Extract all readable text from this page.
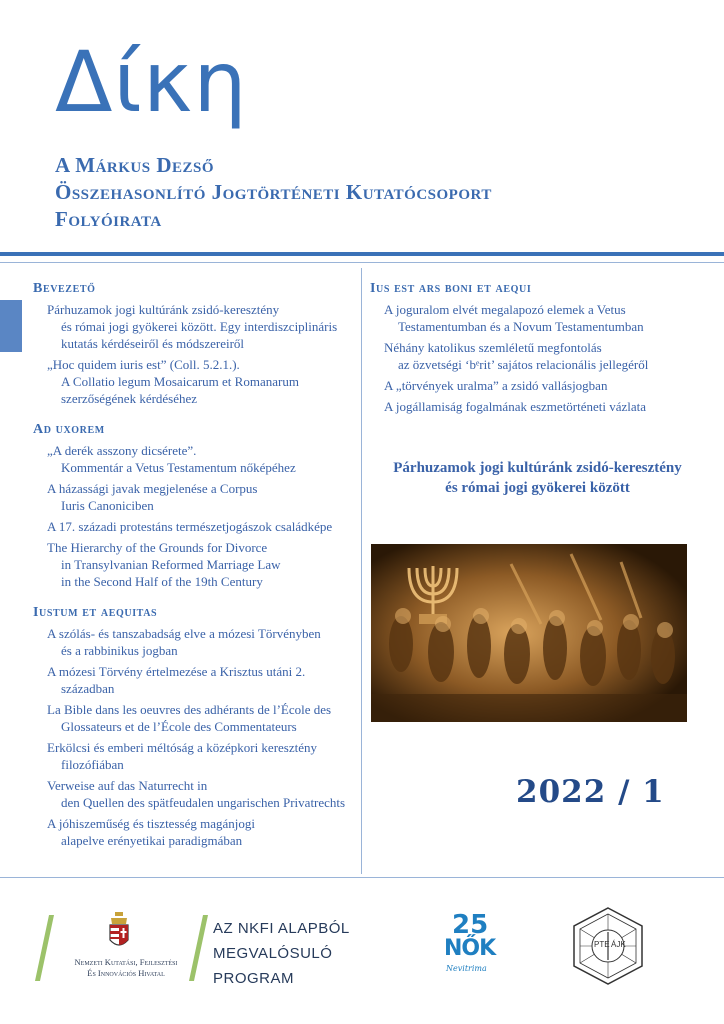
Δίκη
A Márkus Dezső
Összehasonlító Jogtörténeti Kutatócsoport
Folyóirata
Bevezető
Párhuzamok jogi kultúránk zsidó-keresztény
és római jogi gyökerei között. Egy interdiszciplináris
kutatás kérdéseiről és módszereiről
„Hoc quidem iuris est” (Coll. 5.2.1.).
A Collatio legum Mosaicarum et Romanarum
szerzőségének kérdéséhez
Ad uxorem
„A derék asszony dicsérete”.
Kommentár a Vetus Testamentum nőképéhez
A házassági javak megjelenése a Corpus
Iuris Canoniciben
A 17. századi protestáns természetjogászok családképe
The Hierarchy of the Grounds for Divorce
in Transylvanian Reformed Marriage Law
in the Second Half of the 19th Century
Iustum et aequitas
A szólás- és tanszabadság elve a mózesi Törvényben
és a rabbinikus jogban
A mózesi Törvény értelmezése a Krisztus utáni 2.
században
La Bible dans les oeuvres des adhérants de l’École des
Glossateurs et de l’École des Commentateurs
Erkölcsi és emberi méltóság a középkori keresztény
filozófiában
Verweise auf das Naturrecht in
den Quellen des spätfeudalen ungarischen Privatrechts
A jóhiszeműség és tisztesség magánjogi
alapelve erényetikai paradigmában
Ius est ars boni et aequi
A joguralom elvét megalapozó elemek a Vetus
Testamentumban és a Novum Testamentumban
Néhány katolikus szemléletű megfontolás
az özvetségi ‘bᵉrit’ sajátos relacionális jellegéről
A „törvények uralma” a zsidó vallásjogban
A jogállamiság fogalmának eszmetörténeti vázlata
Párhuzamok jogi kultúránk zsidó-keresztény
és római jogi gyökerei között
2022 / 1
Nemzeti Kutatási, Fejlesztési
És Innovációs Hivatal
AZ NKFI ALAPBÓL
MEGVALÓSULÓ
PROGRAM
25
NŐK
Nevitrima
PTE ÁJK
